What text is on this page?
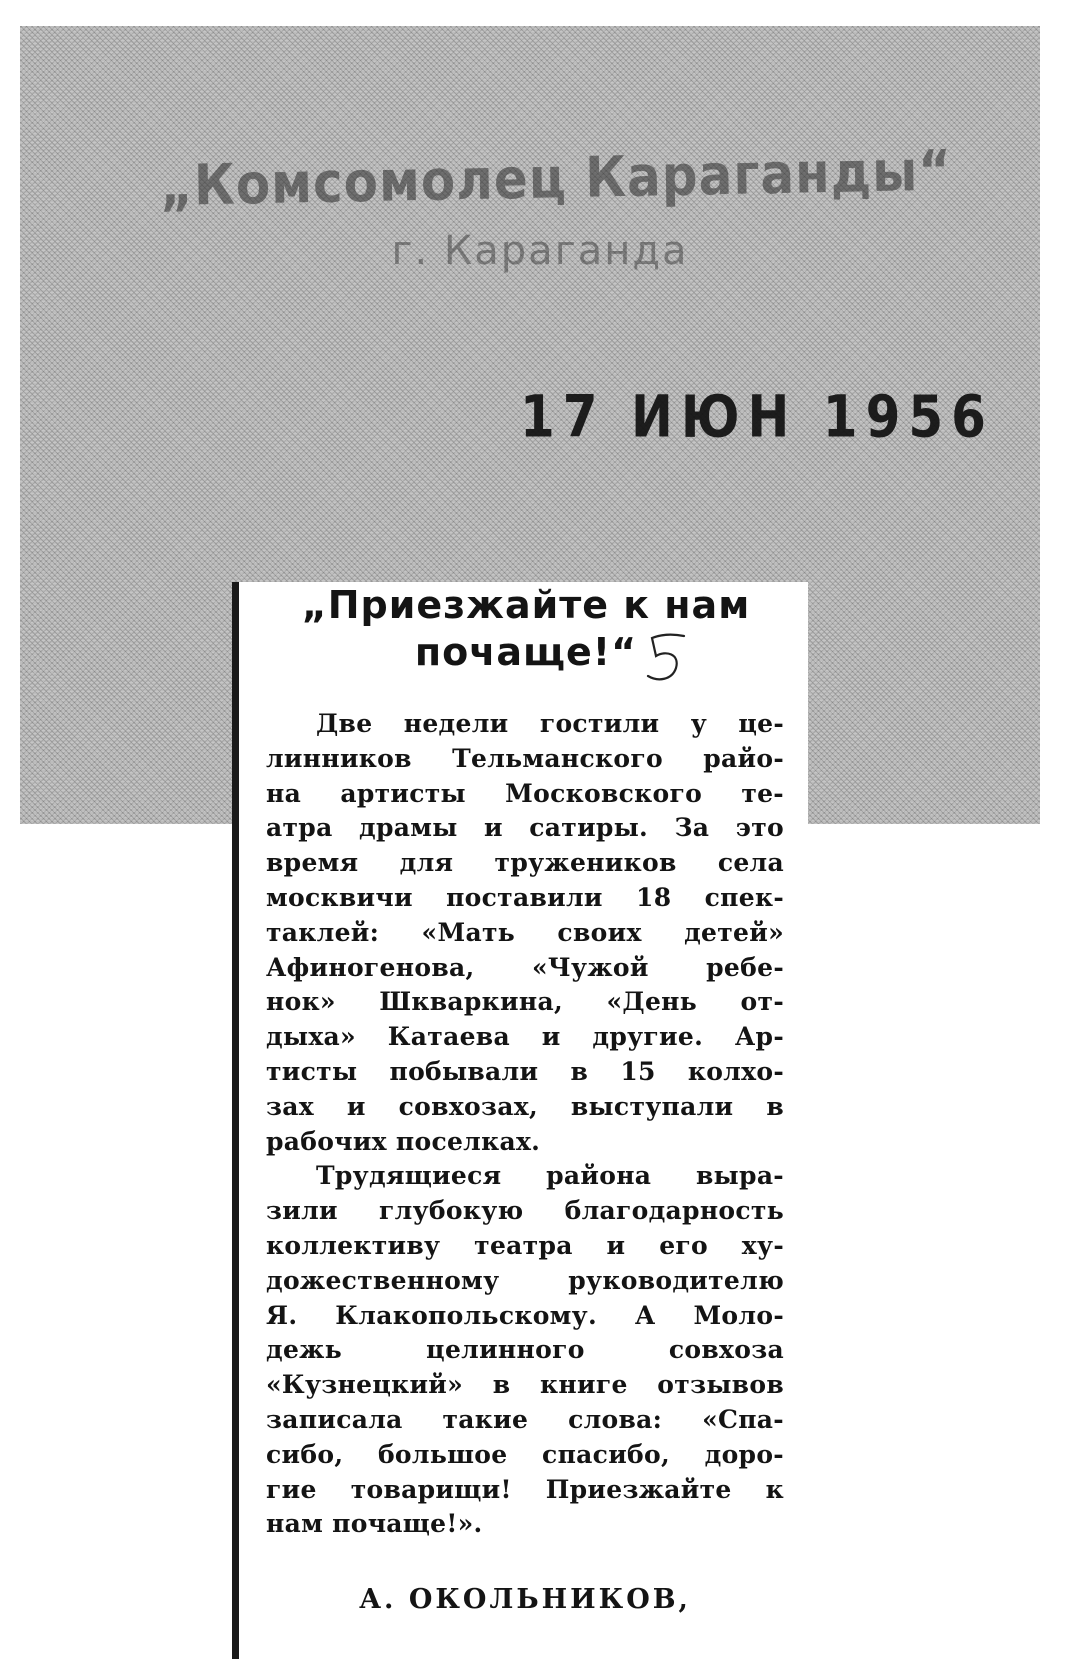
„Комсомолец Караганды“
г. Караганда
17 ИЮН 1956
„Приезжайте к нам
почаще!“
Две недели гостили у це-
линников Тельманского райо-
на артисты Московского те-
атра драмы и сатиры. За это
время для тружеников села
москвичи поставили 18 спек-
таклей: «Мать своих детей»
Афиногенова, «Чужой ребе-
нок» Шкваркина, «День от-
дыха» Катаева и другие. Ар-
тисты побывали в 15 колхо-
зах и совхозах, выступали в
рабочих поселках.
Трудящиеся района выра-
зили глубокую благодарность
коллективу театра и его ху-
дожественному руководителю
Я. Клакопольскому. А Моло-
дежь целинного совхоза
«Кузнецкий» в книге отзывов
записала такие слова: «Спа-
сибо, большое спасибо, доро-
гие товарищи! Приезжайте к
нам почаще!».
А. ОКОЛЬНИКОВ,
